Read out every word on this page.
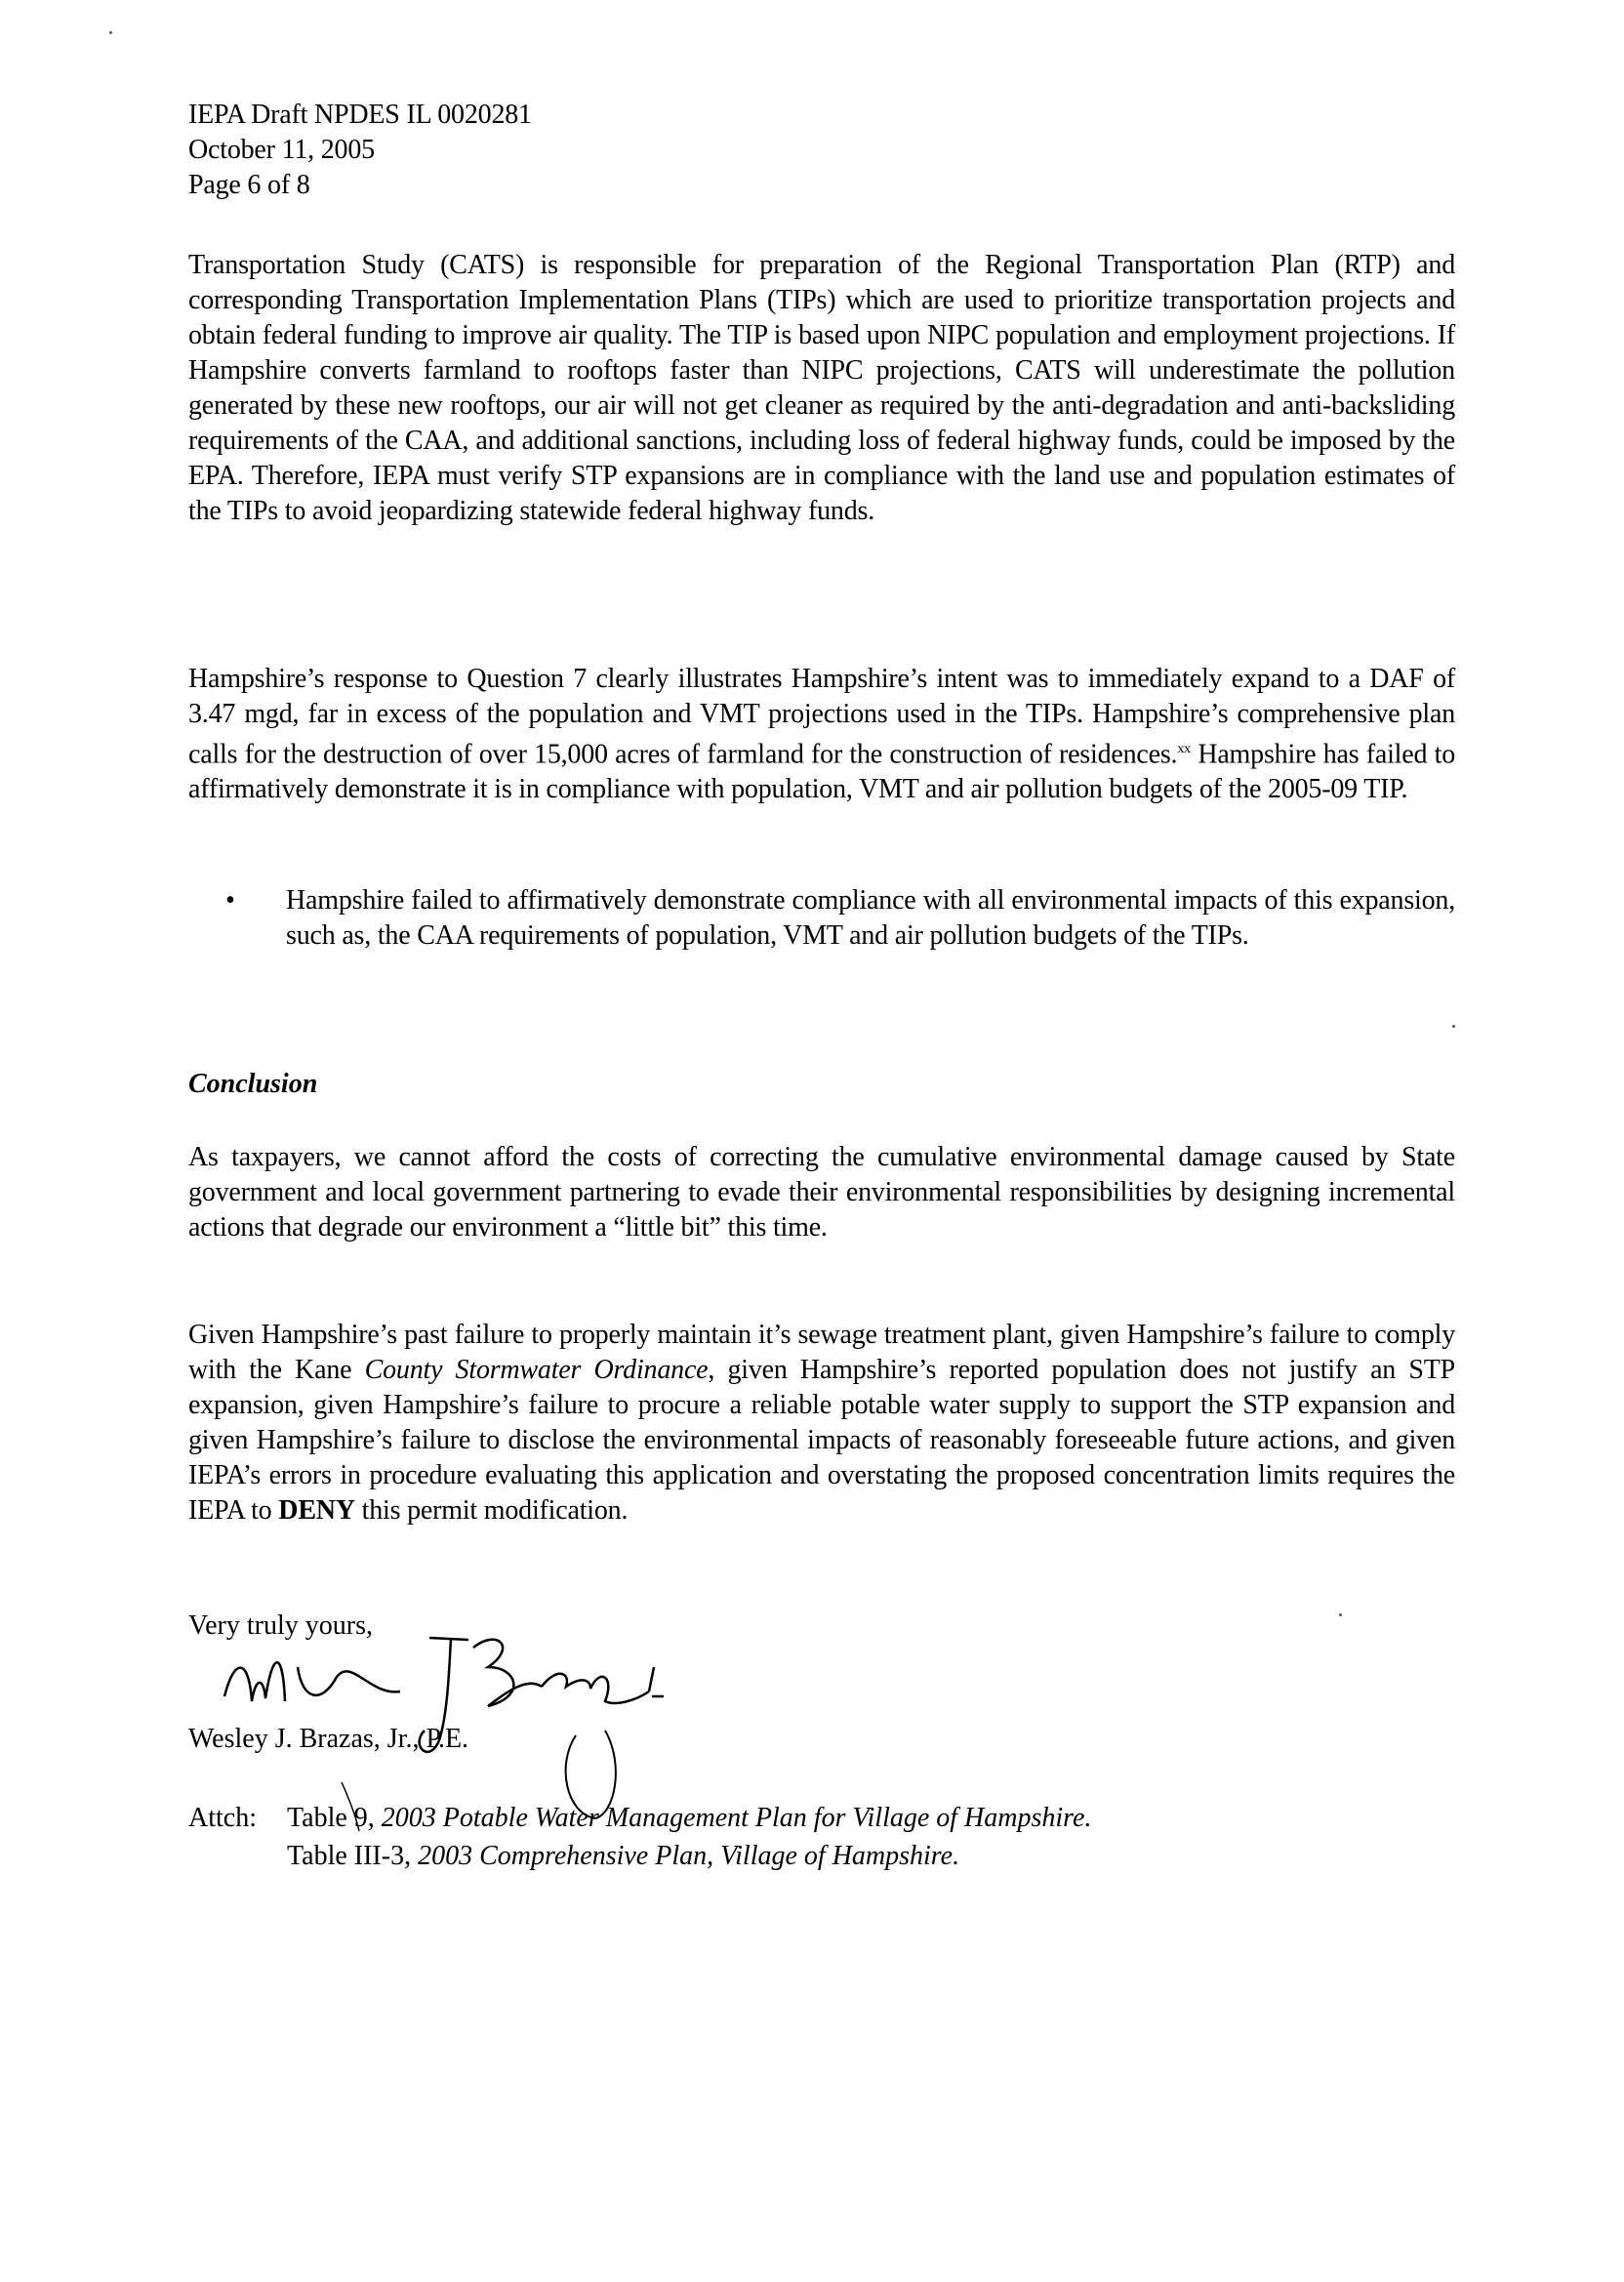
IEPA Draft NPDES IL 0020281
October 11, 2005
Page 6 of 8
Transportation Study (CATS) is responsible for preparation of the Regional Transportation Plan (RTP) and corresponding Transportation Implementation Plans (TIPs) which are used to prioritize transportation projects and obtain federal funding to improve air quality. The TIP is based upon NIPC population and employment projections. If Hampshire converts farmland to rooftops faster than NIPC projections, CATS will underestimate the pollution generated by these new rooftops, our air will not get cleaner as required by the anti-degradation and anti-backsliding requirements of the CAA, and additional sanctions, including loss of federal highway funds, could be imposed by the EPA. Therefore, IEPA must verify STP expansions are in compliance with the land use and population estimates of the TIPs to avoid jeopardizing statewide federal highway funds.
Hampshire’s response to Question 7 clearly illustrates Hampshire’s intent was to immediately expand to a DAF of 3.47 mgd, far in excess of the population and VMT projections used in the TIPs. Hampshire’s comprehensive plan calls for the destruction of over 15,000 acres of farmland for the construction of residences.$^{xx}$ Hampshire has failed to affirmatively demonstrate it is in compliance with population, VMT and air pollution budgets of the 2005-09 TIP.
• Hampshire failed to affirmatively demonstrate compliance with all environmental impacts of this expansion, such as, the CAA requirements of population, VMT and air pollution budgets of the TIPs.
Conclusion
As taxpayers, we cannot afford the costs of correcting the cumulative environmental damage caused by State government and local government partnering to evade their environmental responsibilities by designing incremental actions that degrade our environment a “little bit” this time.
Given Hampshire’s past failure to properly maintain it’s sewage treatment plant, given Hampshire’s failure to comply with the Kane County Stormwater Ordinance, given Hampshire’s reported population does not justify an STP expansion, given Hampshire’s failure to procure a reliable potable water supply to support the STP expansion and given Hampshire’s failure to disclose the environmental impacts of reasonably foreseeable future actions, and given IEPA’s errors in procedure evaluating this application and overstating the proposed concentration limits requires the IEPA to DENY this permit modification.
Very truly yours,
Wesley J. Brazas, Jr., P.E.
Attch: Table 9, 2003 Potable Water Management Plan for Village of Hampshire.
Table III-3, 2003 Comprehensive Plan, Village of Hampshire.
